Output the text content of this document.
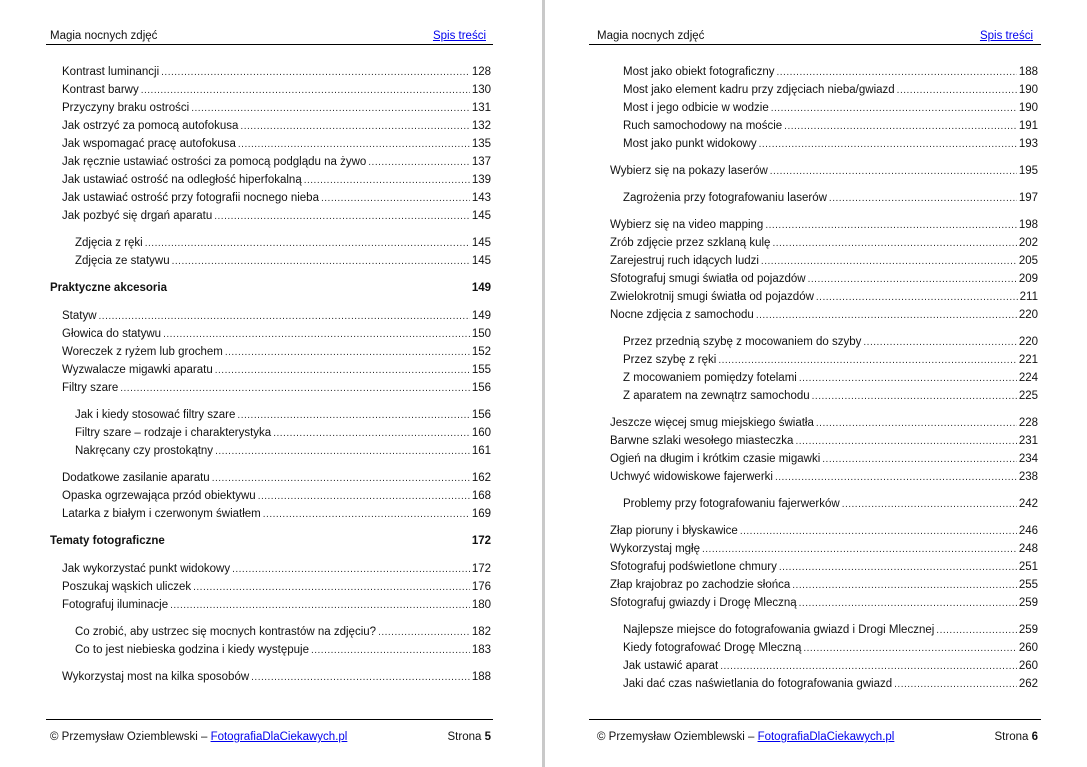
Magia nocnych zdjęć	Spis treści
Kontrast luminancji .....	128
Kontrast barwy .....	130
Przyczyny braku ostrości .....	131
Jak ostrzyć za pomocą autofokusa .....	132
Jak wspomagać pracę autofokusa .....	135
Jak ręcznie ustawiać ostrości za pomocą podglądu na żywo .....	137
Jak ustawiać ostrość na odległość hiperfokalną .....	139
Jak ustawiać ostrość przy fotografii nocnego nieba .....	143
Jak pozbyć się drgań aparatu .....	145
Zdjęcia z ręki .....	145
Zdjęcia ze statywu .....	145
Praktyczne akcesoria	149
Statyw .....	149
Głowica do statywu .....	150
Woreczek z ryżem lub grochem .....	152
Wyzwalacze migawki aparatu .....	155
Filtry szare .....	156
Jak i kiedy stosować filtry szare .....	156
Filtry szare – rodzaje i charakterystyka .....	160
Nakręcany czy prostokątny .....	161
Dodatkowe zasilanie aparatu .....	162
Opaska ogrzewająca przód obiektywu .....	168
Latarka z białym i czerwonym światłem .....	169
Tematy fotograficzne	172
Jak wykorzystać punkt widokowy .....	172
Poszukaj wąskich uliczek .....	176
Fotografuj iluminacje .....	180
Co zrobić, aby ustrzec się mocnych kontrastów na zdjęciu? .....	182
Co to jest niebieska godzina i kiedy występuje .....	183
Wykorzystaj most na kilka sposobów .....	188
© Przemysław Oziemblewski – FotografiaDlaCiekawych.pl	Strona 5
Magia nocnych zdjęć	Spis treści
Most jako obiekt fotograficzny .....	188
Most jako element kadru przy zdjęciach nieba/gwiazd .....	190
Most i jego odbicie w wodzie .....	190
Ruch samochodowy na moście .....	191
Most jako punkt widokowy .....	193
Wybierz się na pokazy laserów .....	195
Zagrożenia przy fotografowaniu laserów .....	197
Wybierz się na video mapping .....	198
Zrób zdjęcie przez szklaną kulę .....	202
Zarejestruj ruch idących ludzi .....	205
Sfotografuj smugi światła od pojazdów .....	209
Zwielokrotnij smugi światła od pojazdów .....	211
Nocne zdjęcia z samochodu .....	220
Przez przednią szybę z mocowaniem do szyby .....	220
Przez szybę z ręki .....	221
Z mocowaniem pomiędzy fotelami .....	224
Z aparatem na zewnątrz samochodu .....	225
Jeszcze więcej smug miejskiego światła .....	228
Barwne szlaki wesołego miasteczka .....	231
Ogień na długim i krótkim czasie migawki .....	234
Uchwyć widowiskowe fajerwerki .....	238
Problemy przy fotografowaniu fajerwerków .....	242
Złap pioruny i błyskawice .....	246
Wykorzystaj mgłę .....	248
Sfotografuj podświetlone chmury .....	251
Złap krajobraz po zachodzie słońca .....	255
Sfotografuj gwiazdy i Drogę Mleczną .....	259
Najlepsze miejsce do fotografowania gwiazd i Drogi Mlecznej .....	259
Kiedy fotografować Drogę Mleczną .....	260
Jak ustawić aparat .....	260
Jaki dać czas naświetlania do fotografowania gwiazd .....	262
© Przemysław Oziemblewski – FotografiaDlaCiekawych.pl	Strona 6
